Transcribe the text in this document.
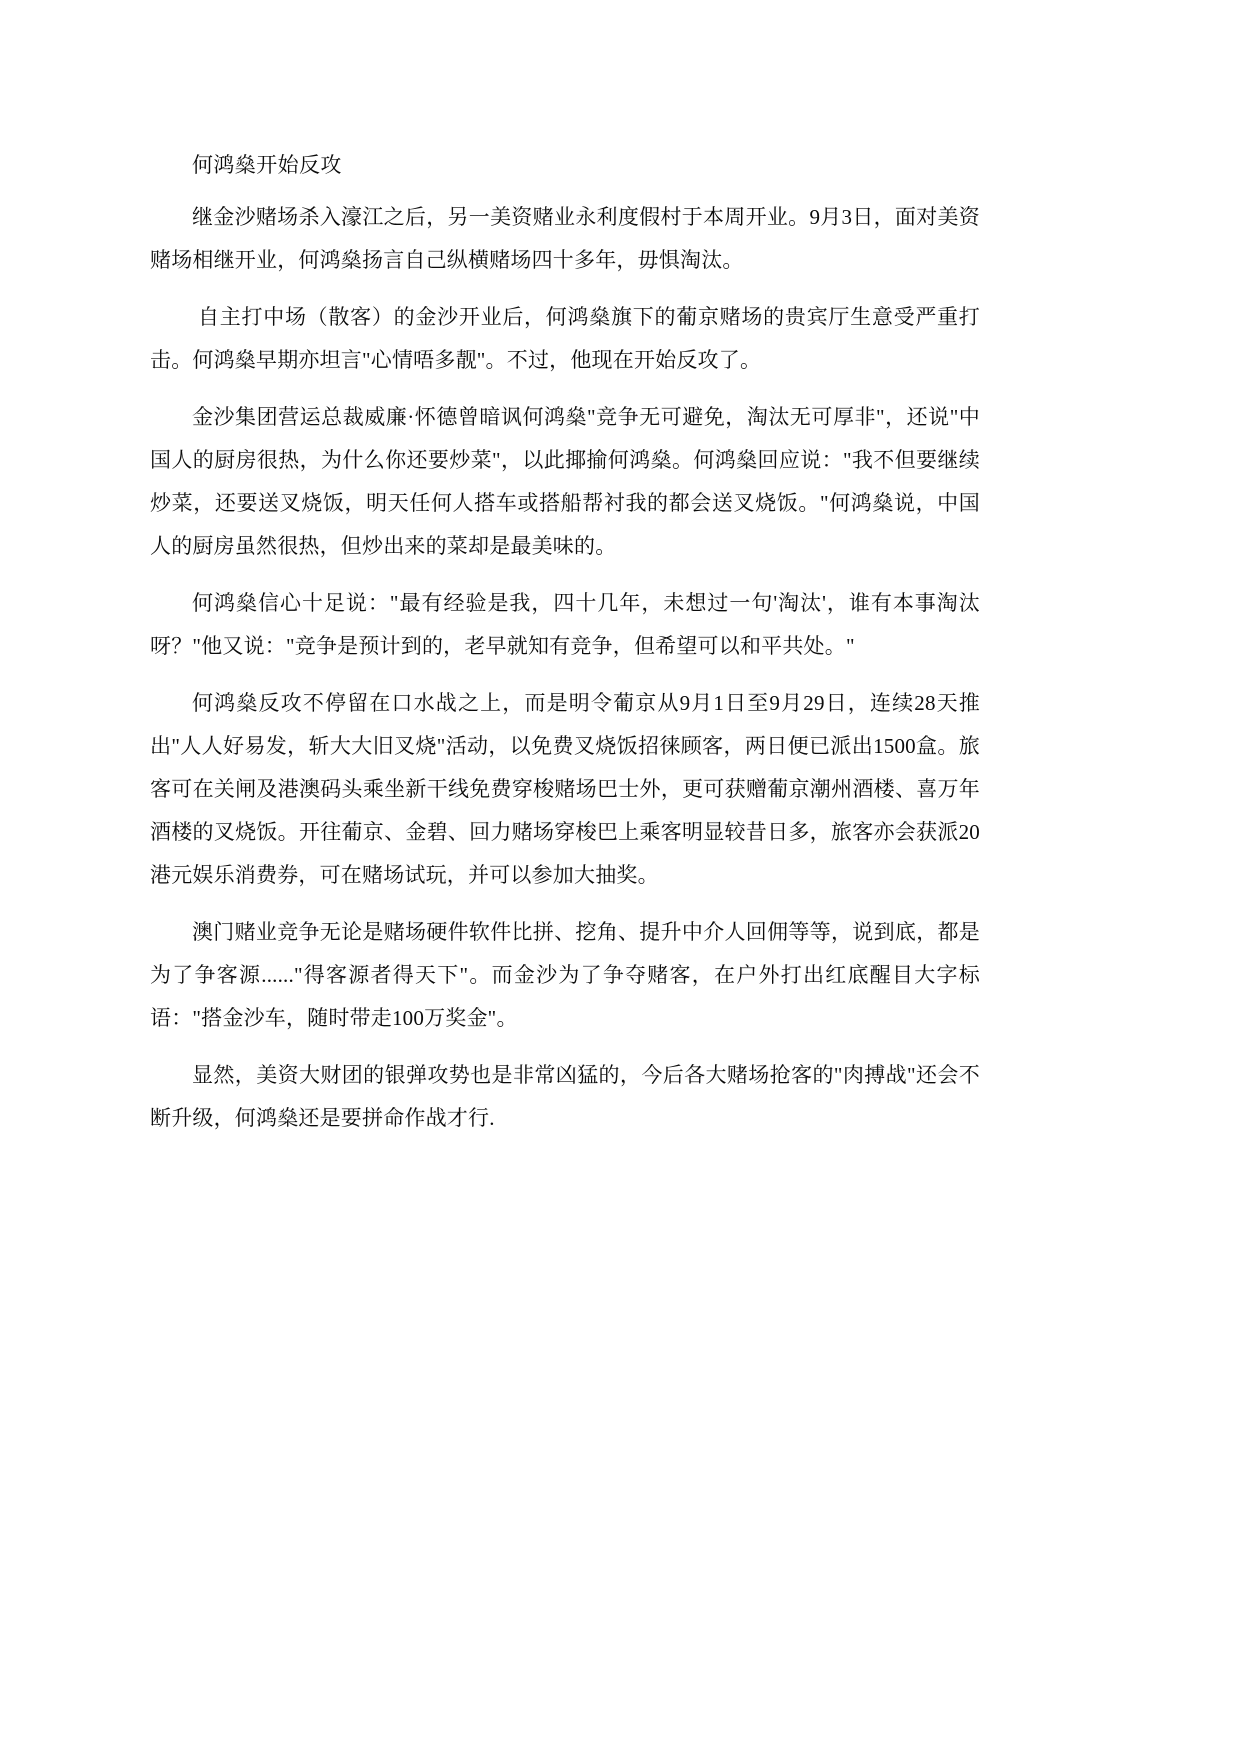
何鸿燊开始反攻

继金沙赌场杀入濠江之后，另一美资赌业永利度假村于本周开业。9月3日，面对美资赌场相继开业，何鸿燊扬言自己纵横赌场四十多年，毋惧淘汰。

自主打中场（散客）的金沙开业后，何鸿燊旗下的葡京赌场的贵宾厅生意受严重打击。何鸿燊早期亦坦言"心情唔多靓"。不过，他现在开始反攻了。

金沙集团营运总裁威廉·怀德曾暗讽何鸿燊"竞争无可避免，淘汰无可厚非"，还说"中国人的厨房很热，为什么你还要炒菜"，以此揶揄何鸿燊。何鸿燊回应说："我不但要继续炒菜，还要送叉烧饭，明天任何人搭车或搭船帮衬我的都会送叉烧饭。"何鸿燊说，中国人的厨房虽然很热，但炒出来的菜却是最美味的。

何鸿燊信心十足说："最有经验是我，四十几年，未想过一句'淘汰'，谁有本事淘汰呀？"他又说："竞争是预计到的，老早就知有竞争，但希望可以和平共处。"

何鸿燊反攻不停留在口水战之上，而是明令葡京从9月1日至9月29日，连续28天推出"人人好易发，斩大大旧叉烧"活动，以免费叉烧饭招徕顾客，两日便已派出1500盒。旅客可在关闸及港澳码头乘坐新干线免费穿梭赌场巴士外，更可获赠葡京潮州酒楼、喜万年酒楼的叉烧饭。开往葡京、金碧、回力赌场穿梭巴上乘客明显较昔日多，旅客亦会获派20港元娱乐消费券，可在赌场试玩，并可以参加大抽奖。

澳门赌业竞争无论是赌场硬件软件比拼、挖角、提升中介人回佣等等，说到底，都是为了争客源......"得客源者得天下"。而金沙为了争夺赌客，在户外打出红底醒目大字标语："搭金沙车，随时带走100万奖金"。

显然，美资大财团的银弹攻势也是非常凶猛的，今后各大赌场抢客的"肉搏战"还会不断升级，何鸿燊还是要拼命作战才行.
